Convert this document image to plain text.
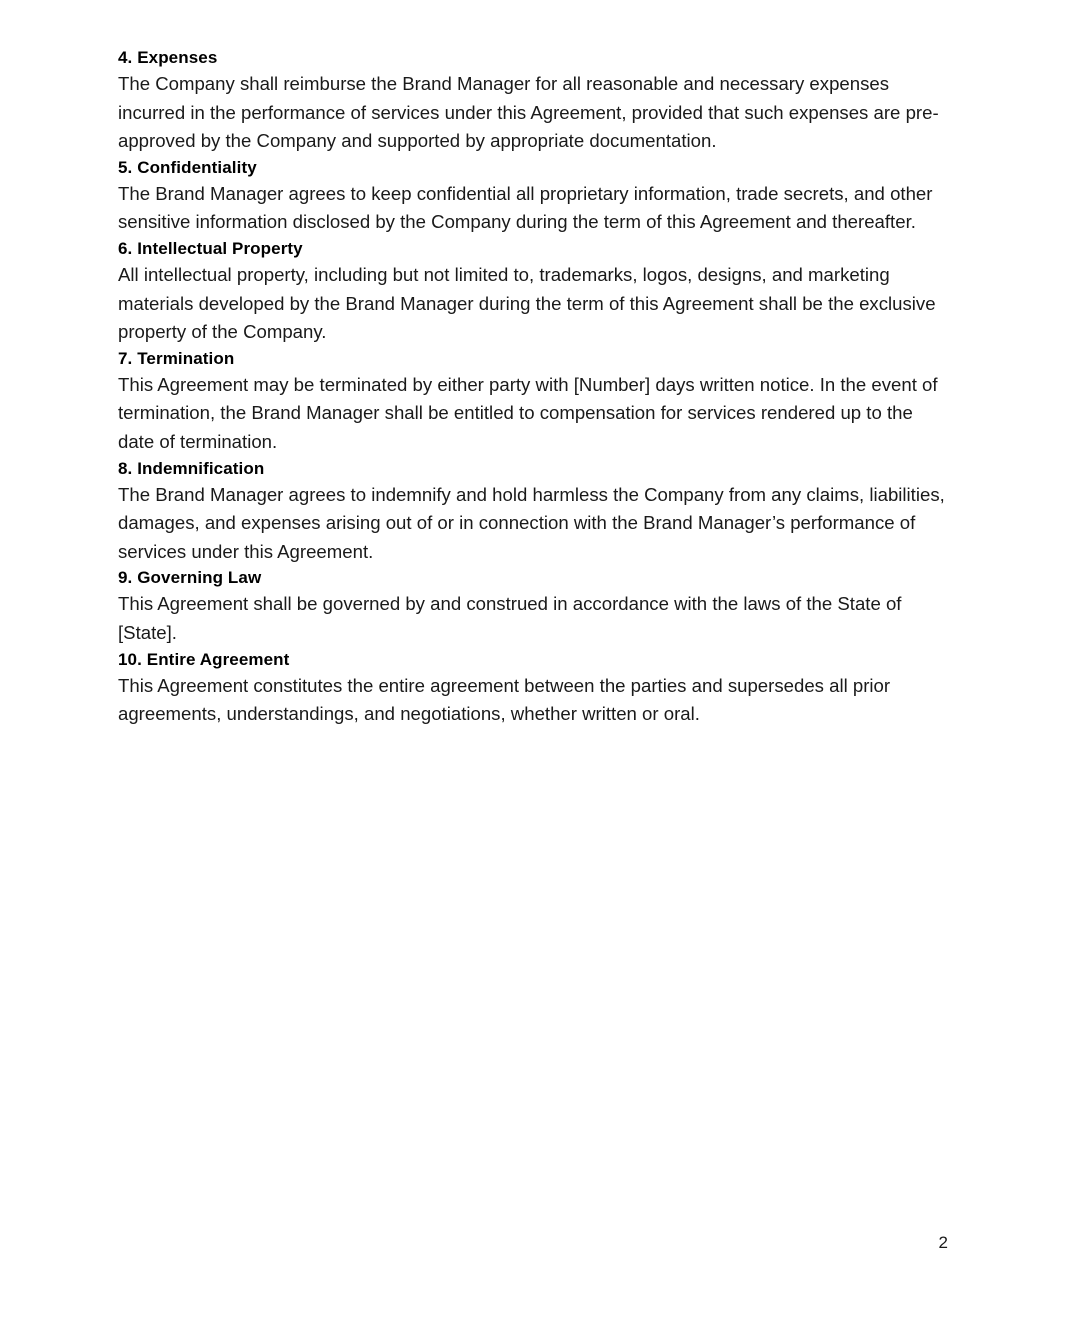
4. Expenses

The Company shall reimburse the Brand Manager for all reasonable and necessary expenses incurred in the performance of services under this Agreement, provided that such expenses are pre-approved by the Company and supported by appropriate documentation.

5. Confidentiality

The Brand Manager agrees to keep confidential all proprietary information, trade secrets, and other sensitive information disclosed by the Company during the term of this Agreement and thereafter.

6. Intellectual Property

All intellectual property, including but not limited to, trademarks, logos, designs, and marketing materials developed by the Brand Manager during the term of this Agreement shall be the exclusive property of the Company.

7. Termination

This Agreement may be terminated by either party with [Number] days written notice. In the event of termination, the Brand Manager shall be entitled to compensation for services rendered up to the date of termination.

8. Indemnification

The Brand Manager agrees to indemnify and hold harmless the Company from any claims, liabilities, damages, and expenses arising out of or in connection with the Brand Manager’s performance of services under this Agreement.

9. Governing Law

This Agreement shall be governed by and construed in accordance with the laws of the State of [State].

10. Entire Agreement

This Agreement constitutes the entire agreement between the parties and supersedes all prior agreements, understandings, and negotiations, whether written or oral.

2
